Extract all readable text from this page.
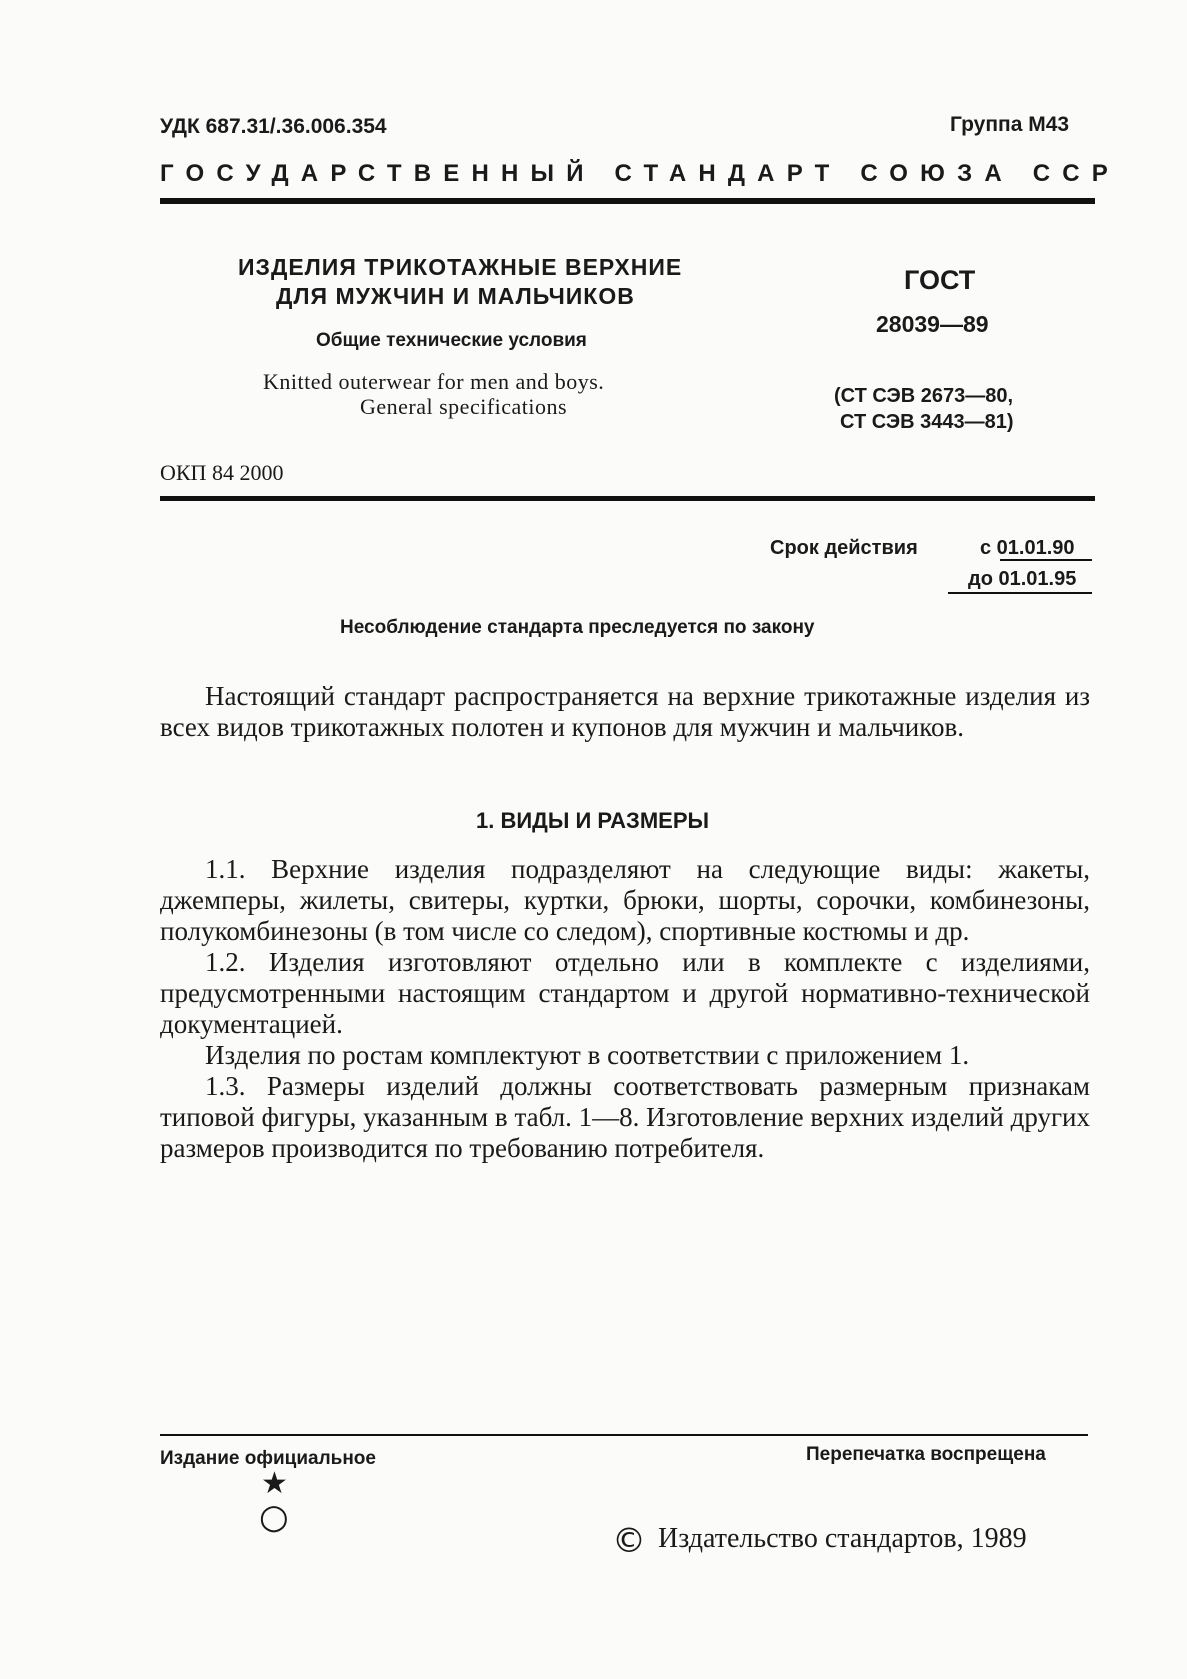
УДК 687.31/.36.006.354	Группа М43
ГОСУДАРСТВЕННЫЙ СТАНДАРТ СОЮЗА ССР
ИЗДЕЛИЯ ТРИКОТАЖНЫЕ ВЕРХНИЕ
ДЛЯ МУЖЧИН И МАЛЬЧИКОВ
Общие технические условия
Knitted outerwear for men and boys.
General specifications
ГОСТ
28039—89
(СТ СЭВ 2673—80,
СТ СЭВ 3443—81)
ОКП 84 2000
Срок действия	с 01.01.90
до 01.01.95
Несоблюдение стандарта преследуется по закону

Настоящий стандарт распространяется на верхние трикотажные изделия из всех видов трикотажных полотен и купонов для мужчин и мальчиков.

1. ВИДЫ И РАЗМЕРЫ

1.1. Верхние изделия подразделяют на следующие виды: жакеты, джемперы, жилеты, свитеры, куртки, брюки, шорты, сорочки, комбинезоны, полукомбинезоны (в том числе со следом), спортивные костюмы и др.

1.2. Изделия изготовляют отдельно или в комплекте с изделиями, предусмотренными настоящим стандартом и другой нормативно-технической документацией.

Изделия по ростам комплектуют в соответствии с приложением 1.

1.3. Размеры изделий должны соответствовать размерным признакам типовой фигуры, указанным в табл. 1—8. Изготовление верхних изделий других размеров производится по требованию потребителя.

Издание официальное	Перепечатка воспрещена
★
○
© Издательство стандартов, 1989
